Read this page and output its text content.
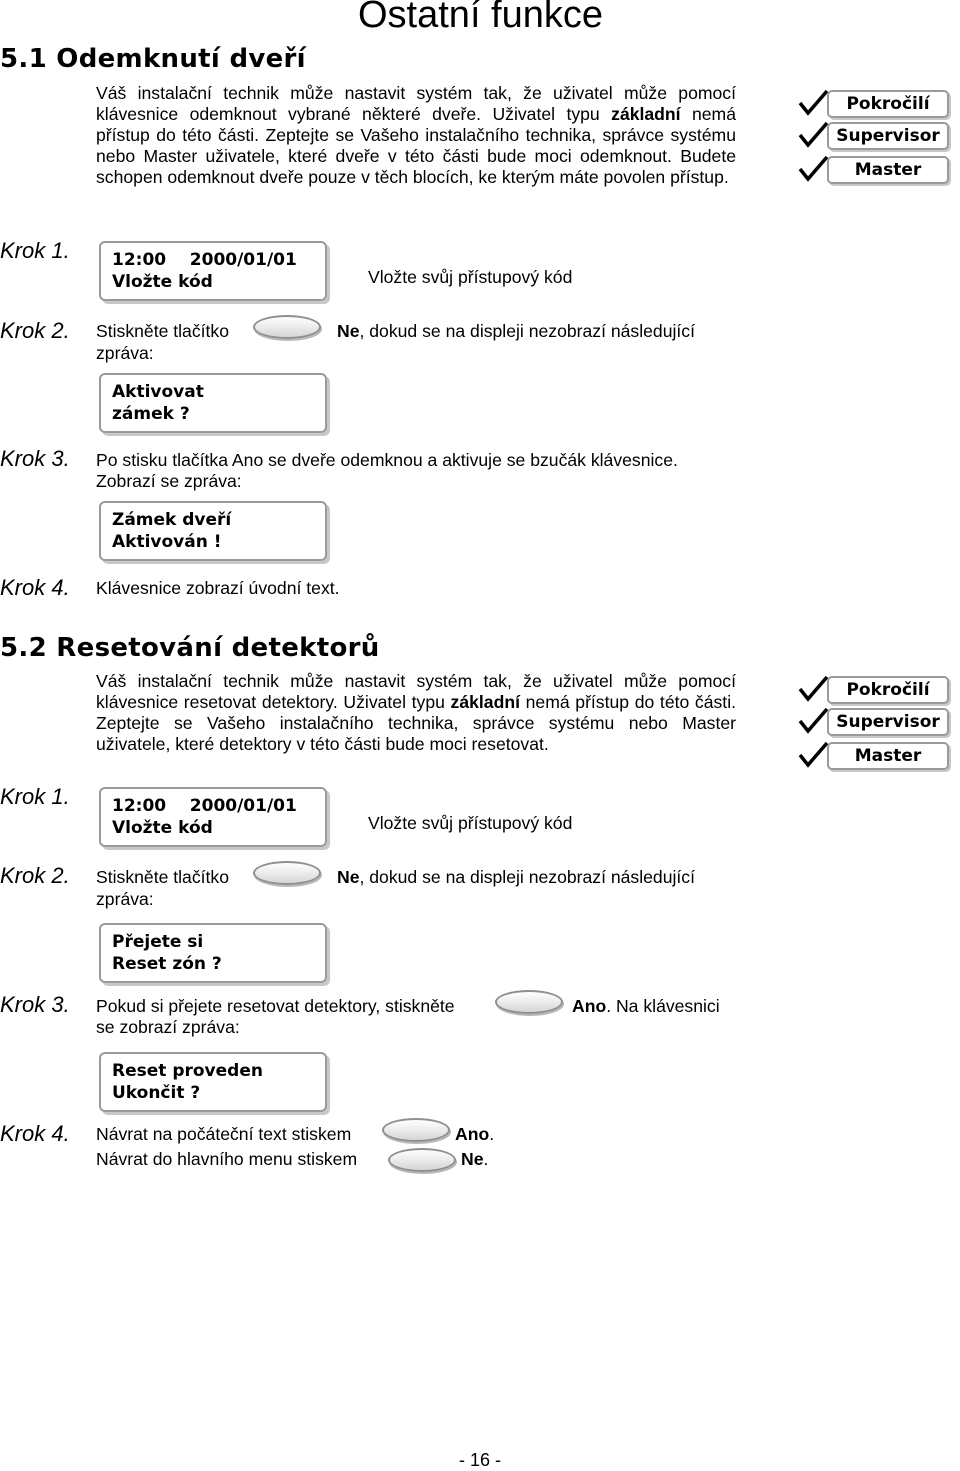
Ostatní funkce
5.1 Odemknutí dveří
Váš instalační technik může nastavit systém tak, že uživatel může pomocí klávesnice odemknout vybrané některé dveře. Uživatel typu základní nemá přístup do této části. Zeptejte se Vašeho instalačního technika, správce systému nebo Master uživatele, které dveře v této části bude moci odemknout. Budete schopen odemknout dveře pouze v těch blocích, ke kterým máte povolen přístup.
Pokročilí
Supervisor
Master
Krok 1. 12:00    2000/01/01
Vložte kód	Vložte svůj přístupový kód
Krok 2. Stiskněte tlačítko	Ne, dokud se na displeji nezobrazí následující
zpráva:
Aktivovat
zámek ?
Krok 3. Po stisku tlačítka Ano se dveře odemknou a aktivuje se bzučák klávesnice.
Zobrazí se zpráva:
Zámek dveří
Aktivován !
Krok 4. Klávesnice zobrazí úvodní text.
5.2 Resetování detektorů
Váš instalační technik může nastavit systém tak, že uživatel může pomocí klávesnice resetovat detektory. Uživatel typu základní nemá přístup do této části. Zeptejte se Vašeho instalačního technika, správce systému nebo Master uživatele, které detektory v této části bude moci resetovat.
Pokročilí
Supervisor
Master
Krok 1. 12:00    2000/01/01
Vložte kód	Vložte svůj přístupový kód
Krok 2. Stiskněte tlačítko	Ne, dokud se na displeji nezobrazí následující
zpráva:
Přejete si
Reset zón ?
Krok 3. Pokud si přejete resetovat detektory, stiskněte	Ano. Na klávesnici
se zobrazí zpráva:
Reset proveden
Ukončit ?
Krok 4. Návrat na počáteční text stiskem	Ano.
Návrat do hlavního menu stiskem	Ne.
- 16 -
